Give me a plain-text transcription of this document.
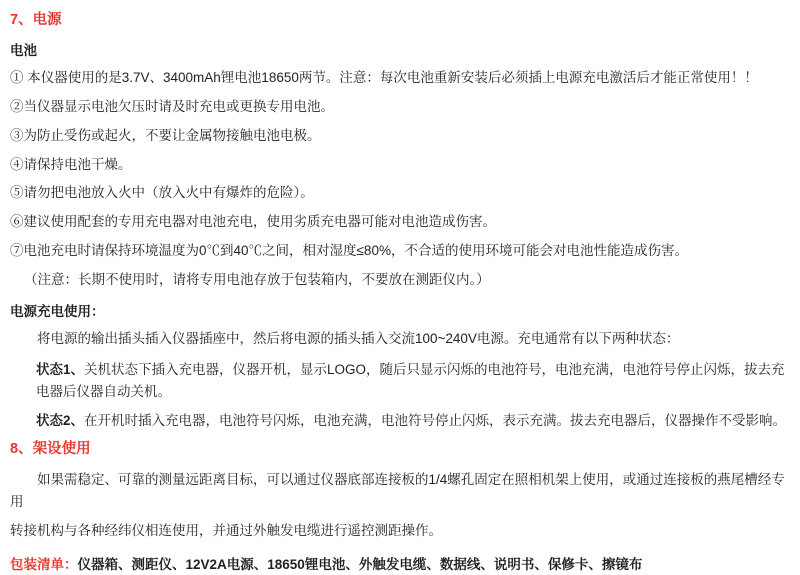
7、电源
电池

① 本仪器使用的是3.7V、3400mAh锂电池18650两节。注意：每次电池重新安装后必须插上电源充电激活后才能正常使用！！

②当仪器显示电池欠压时请及时充电或更换专用电池。

③为防止受伤或起火，不要让金属物接触电池电极。

④请保持电池干燥。

⑤请勿把电池放入火中（放入火中有爆炸的危险）。

⑥建议使用配套的专用充电器对电池充电，使用劣质充电器可能对电池造成伤害。

⑦电池充电时请保持环境温度为0℃到40℃之间，相对湿度≤80%，不合适的使用环境可能会对电池性能造成伤害。

（注意：长期不使用时，请将专用电池存放于包装箱内，不要放在测距仪内。）

电源充电使用：

将电源的输出插头插入仪器插座中，然后将电源的插头插入交流100~240V电源。充电通常有以下两种状态：

状态1、关机状态下插入充电器，仪器开机，显示LOGO，随后只显示闪烁的电池符号，电池充满，电池符号停止闪烁，拔去充电器后仪器自动关机。

状态2、在开机时插入充电器，电池符号闪烁，电池充满，电池符号停止闪烁，表示充满。拔去充电器后，仪器操作不受影响。

8、架设使用

如果需稳定、可靠的测量远距离目标，可以通过仪器底部连接板的1/4螺孔固定在照相机架上使用，或通过连接板的燕尾槽经专用

转接机构与各种经纬仪相连使用，并通过外触发电缆进行遥控测距操作。

包装清单：仪器箱、测距仪、12V2A电源、18650锂电池、外触发电缆、数据线、说明书、保修卡、擦镜布
